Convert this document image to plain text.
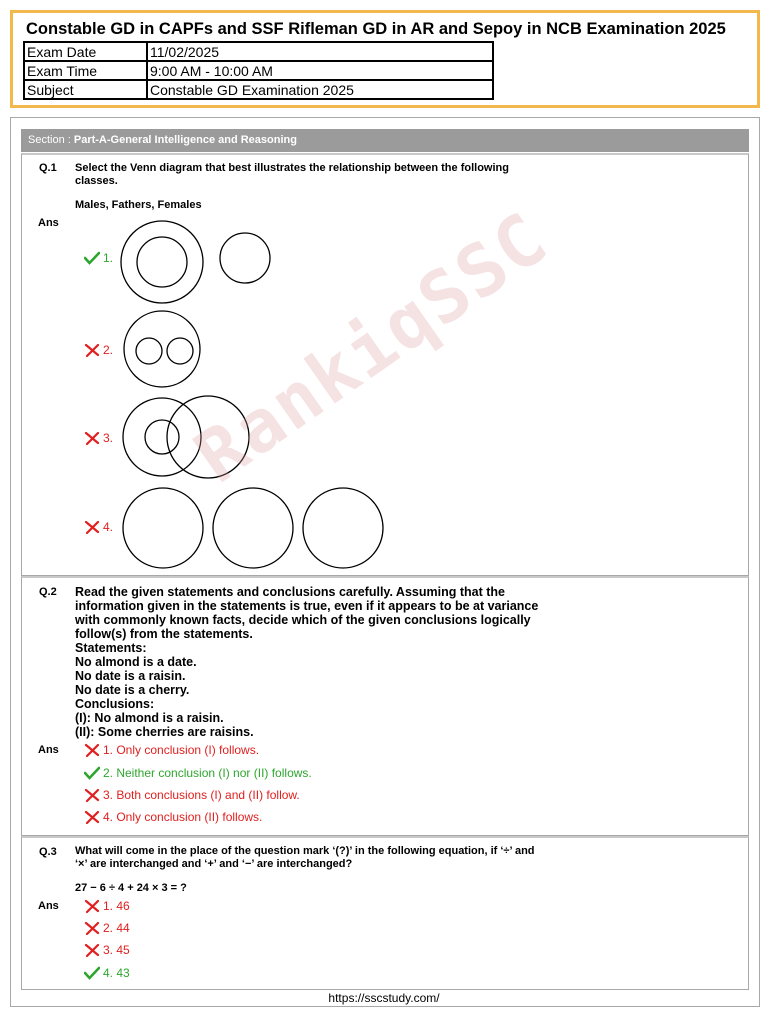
Constable GD in CAPFs and SSF Rifleman GD in AR and Sepoy in NCB Examination 2025
Exam Date	11/02/2025
Exam Time	9:00 AM - 10:00 AM
Subject	Constable GD Examination 2025
Section : Part-A-General Intelligence and Reasoning
Q.1 Select the Venn diagram that best illustrates the relationship between the following
classes.
Males, Fathers, Females
Ans
1.
2.
3.
4.
Q.2 Read the given statements and conclusions carefully. Assuming that the
information given in the statements is true, even if it appears to be at variance
with commonly known facts, decide which of the given conclusions logically
follow(s) from the statements.
Statements:
No almond is a date.
No date is a raisin.
No date is a cherry.
Conclusions:
(I): No almond is a raisin.
(II): Some cherries are raisins.
Ans	1. Only conclusion (I) follows.
2. Neither conclusion (I) nor (II) follows.
3. Both conclusions (I) and (II) follow.
4. Only conclusion (II) follows.
Q.3 What will come in the place of the question mark ‘(?)’ in the following equation, if ‘÷’ and
‘×’ are interchanged and ‘+’ and ‘−’ are interchanged?
27 − 6 ÷ 4 + 24 × 3 = ?
Ans	1. 46
2. 44
3. 45
4. 43
RankiqSSC
https://sscstudy.com/
